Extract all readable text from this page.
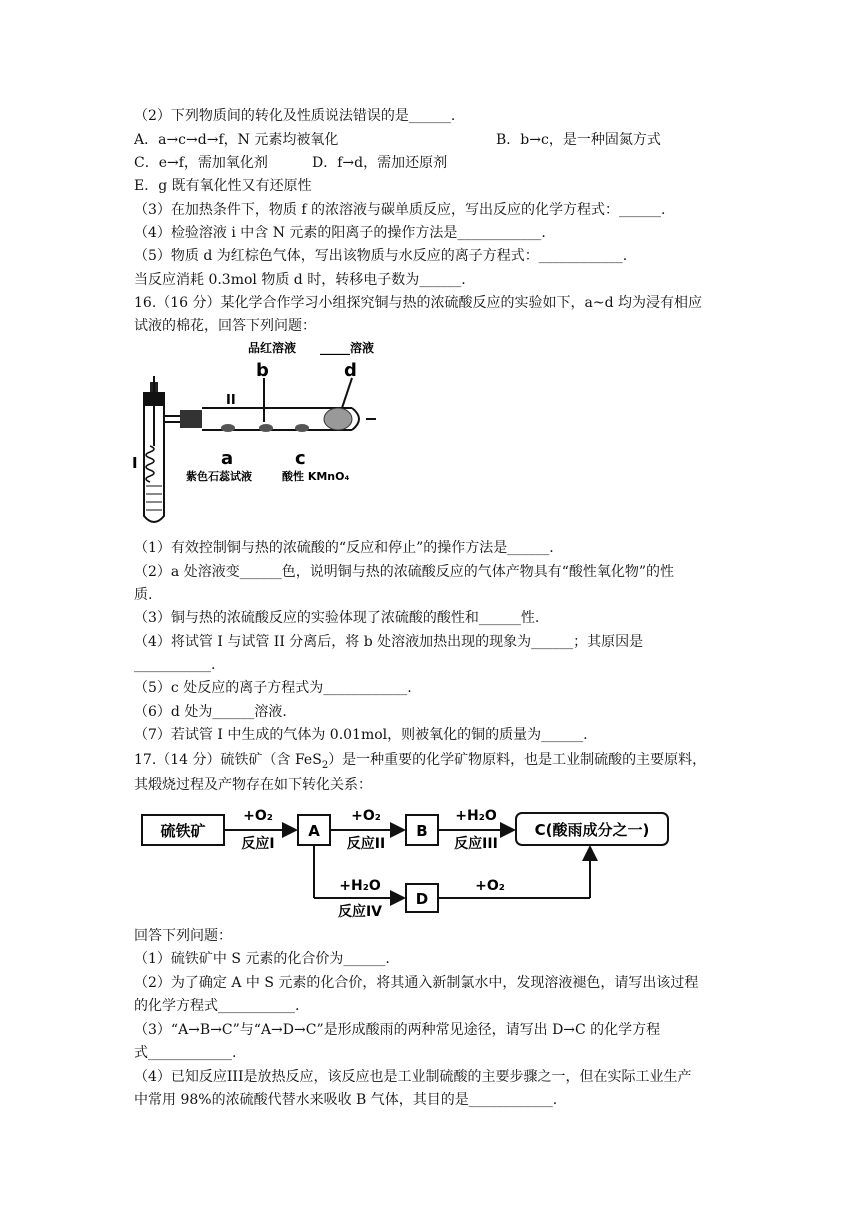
（2）下列物质间的转化及性质说法错误的是______.
A．a→c→d→f，N 元素均被氧化	B．b→c，是一种固氮方式
C．e→f，需加氧化剂	D．f→d，需加还原剂
E．g 既有氧化性又有还原性
（3）在加热条件下，物质 f 的浓溶液与碳单质反应，写出反应的化学方程式：______.
（4）检验溶液 i 中含 N 元素的阳离子的操作方法是____________.
（5）物质 d 为红棕色气体，写出该物质与水反应的离子方程式：____________.
当反应消耗 0.3mol 物质 d 时，转移电子数为______.
16.（16 分）某化学合作学习小组探究铜与热的浓硫酸反应的实验如下，a~d 均为浸有相应
试液的棉花，回答下列问题：
I
II
品红溶液 _____溶液
b	d
a	c
紫色石蕊试液	酸性 KMnO₄
（1）有效控制铜与热的浓硫酸的“反应和停止”的操作方法是______.
（2）a 处溶液变______色，说明铜与热的浓硫酸反应的气体产物具有“酸性氧化物”的性
质.
（3）铜与热的浓硫酸反应的实验体现了浓硫酸的酸性和______性.
（4）将试管 I 与试管 II 分离后，将 b 处溶液加热出现的现象为______；其原因是
___________.
（5）c 处反应的离子方程式为____________.
（6）d 处为______溶液.
（7）若试管 I 中生成的气体为 0.01mol，则被氧化的铜的质量为______.
17.（14 分）硫铁矿（含 FeS$_2$）是一种重要的化学矿物原料，也是工业制硫酸的主要原料，
其煅烧过程及产物存在如下转化关系：
硫铁矿	A	B	C(酸雨成分之一)
D
+O₂
反应I
+O₂
反应II
+H₂O
反应III
+H₂O
反应IV
+O₂
回答下列问题：
（1）硫铁矿中 S 元素的化合价为______.
（2）为了确定 A 中 S 元素的化合价，将其通入新制氯水中，发现溶液褪色，请写出该过程
的化学方程式___________.
（3）“A→B→C”与“A→D→C”是形成酸雨的两种常见途径，请写出 D→C 的化学方程
式____________.
（4）已知反应III是放热反应，该反应也是工业制硫酸的主要步骤之一，但在实际工业生产
中常用 98%的浓硫酸代替水来吸收 B 气体，其目的是____________.
